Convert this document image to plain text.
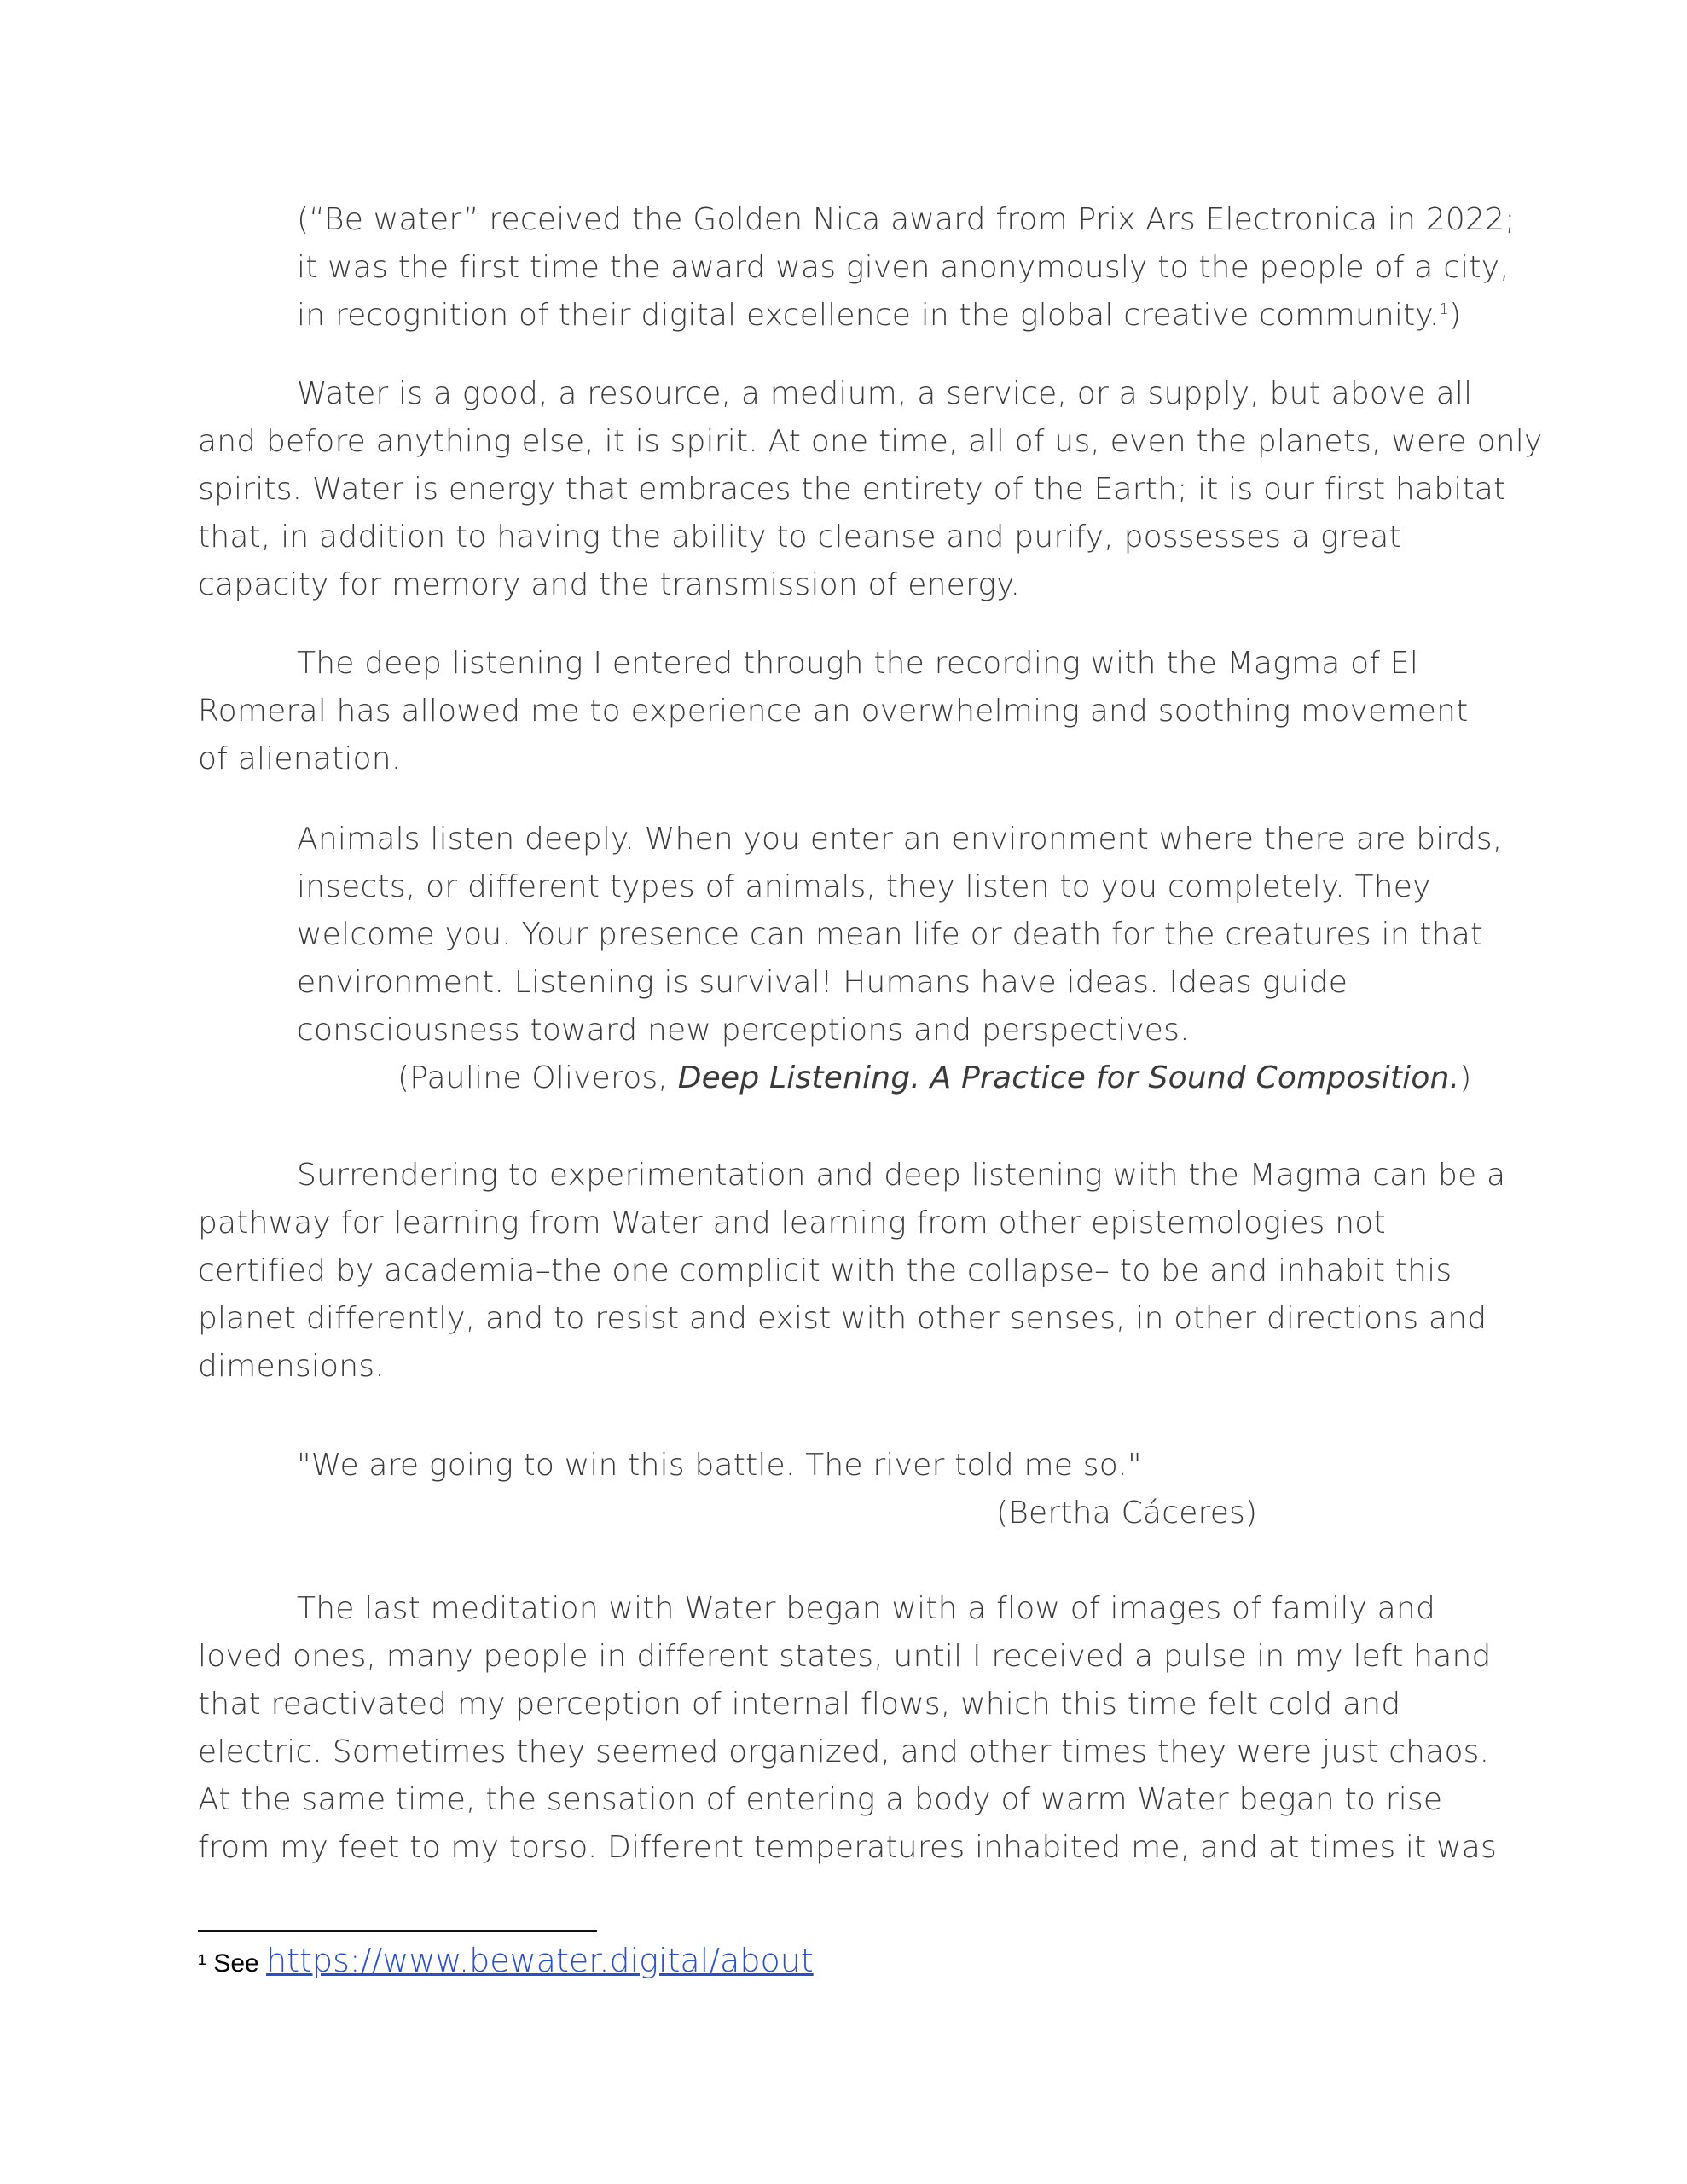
(“Be water” received the Golden Nica award from Prix Ars Electronica in 2022;
it was the first time the award was given anonymously to the people of a city,
in recognition of their digital excellence in the global creative community.$^1$)
Water is a good, a resource, a medium, a service, or a supply, but above all
and before anything else, it is spirit. At one time, all of us, even the planets, were only
spirits. Water is energy that embraces the entirety of the Earth; it is our first habitat
that, in addition to having the ability to cleanse and purify, possesses a great
capacity for memory and the transmission of energy.
The deep listening I entered through the recording with the Magma of El
Romeral has allowed me to experience an overwhelming and soothing movement
of alienation.
Animals listen deeply. When you enter an environment where there are birds,
insects, or different types of animals, they listen to you completely. They
welcome you. Your presence can mean life or death for the creatures in that
environment. Listening is survival! Humans have ideas. Ideas guide
consciousness toward new perceptions and perspectives.
(Pauline Oliveros, Deep Listening. A Practice for Sound Composition.)
Surrendering to experimentation and deep listening with the Magma can be a
pathway for learning from Water and learning from other epistemologies not
certified by academia–the one complicit with the collapse– to be and inhabit this
planet differently, and to resist and exist with other senses, in other directions and
dimensions.
"We are going to win this battle. The river told me so."
(Bertha Cáceres)
The last meditation with Water began with a flow of images of family and
loved ones, many people in different states, until I received a pulse in my left hand
that reactivated my perception of internal flows, which this time felt cold and
electric. Sometimes they seemed organized, and other times they were just chaos.
At the same time, the sensation of entering a body of warm Water began to rise
from my feet to my torso. Different temperatures inhabited me, and at times it was
¹ See https://www.bewater.digital/about
